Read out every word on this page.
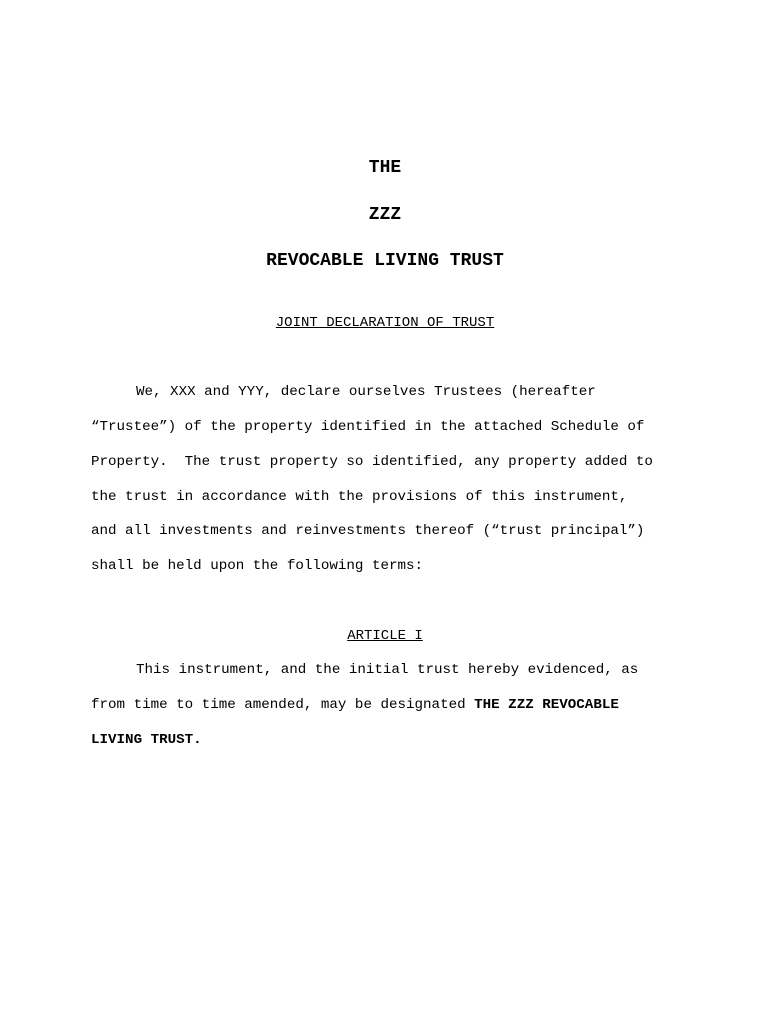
THE
ZZZ
REVOCABLE LIVING TRUST

JOINT DECLARATION OF TRUST

We, XXX and YYY, declare ourselves Trustees (hereafter

“Trustee”) of the property identified in the attached Schedule of

Property.  The trust property so identified, any property added to

the trust in accordance with the provisions of this instrument,

and all investments and reinvestments thereof (“trust principal”)

shall be held upon the following terms:

ARTICLE I

This instrument, and the initial trust hereby evidenced, as

from time to time amended, may be designated THE ZZZ REVOCABLE

LIVING TRUST.
